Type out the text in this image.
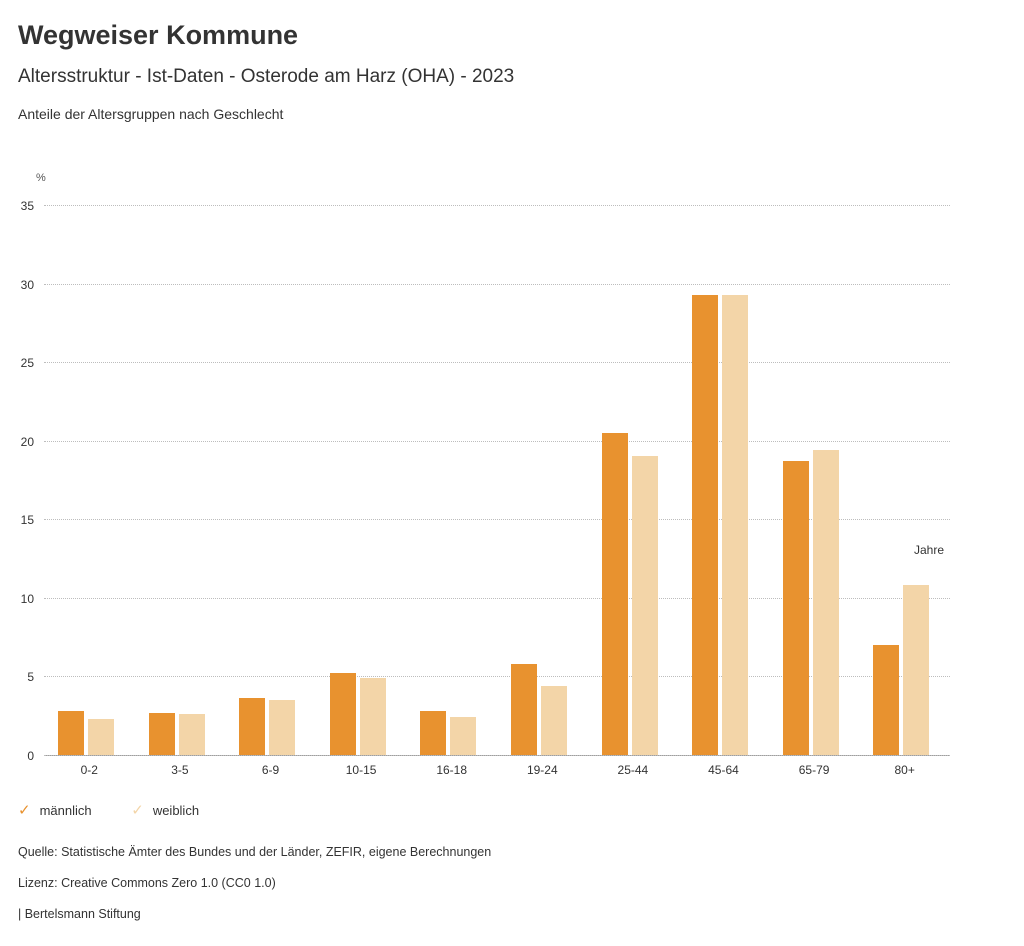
Wegweiser Kommune
Altersstruktur - Ist-Daten - Osterode am Harz (OHA) - 2023
Anteile der Altersgruppen nach Geschlecht
%
0
5
10
15
20
25
30
35
0-2	3-5	6-9	10-15	16-18	19-24	25-44	45-64	65-79	80+
Jahre
✓ männlich
	✓ weiblich
Quelle: Statistische Ämter des Bundes und der Länder, ZEFIR, eigene Berechnungen
Lizenz: Creative Commons Zero 1.0 (CC0 1.0)
| Bertelsmann Stiftung
